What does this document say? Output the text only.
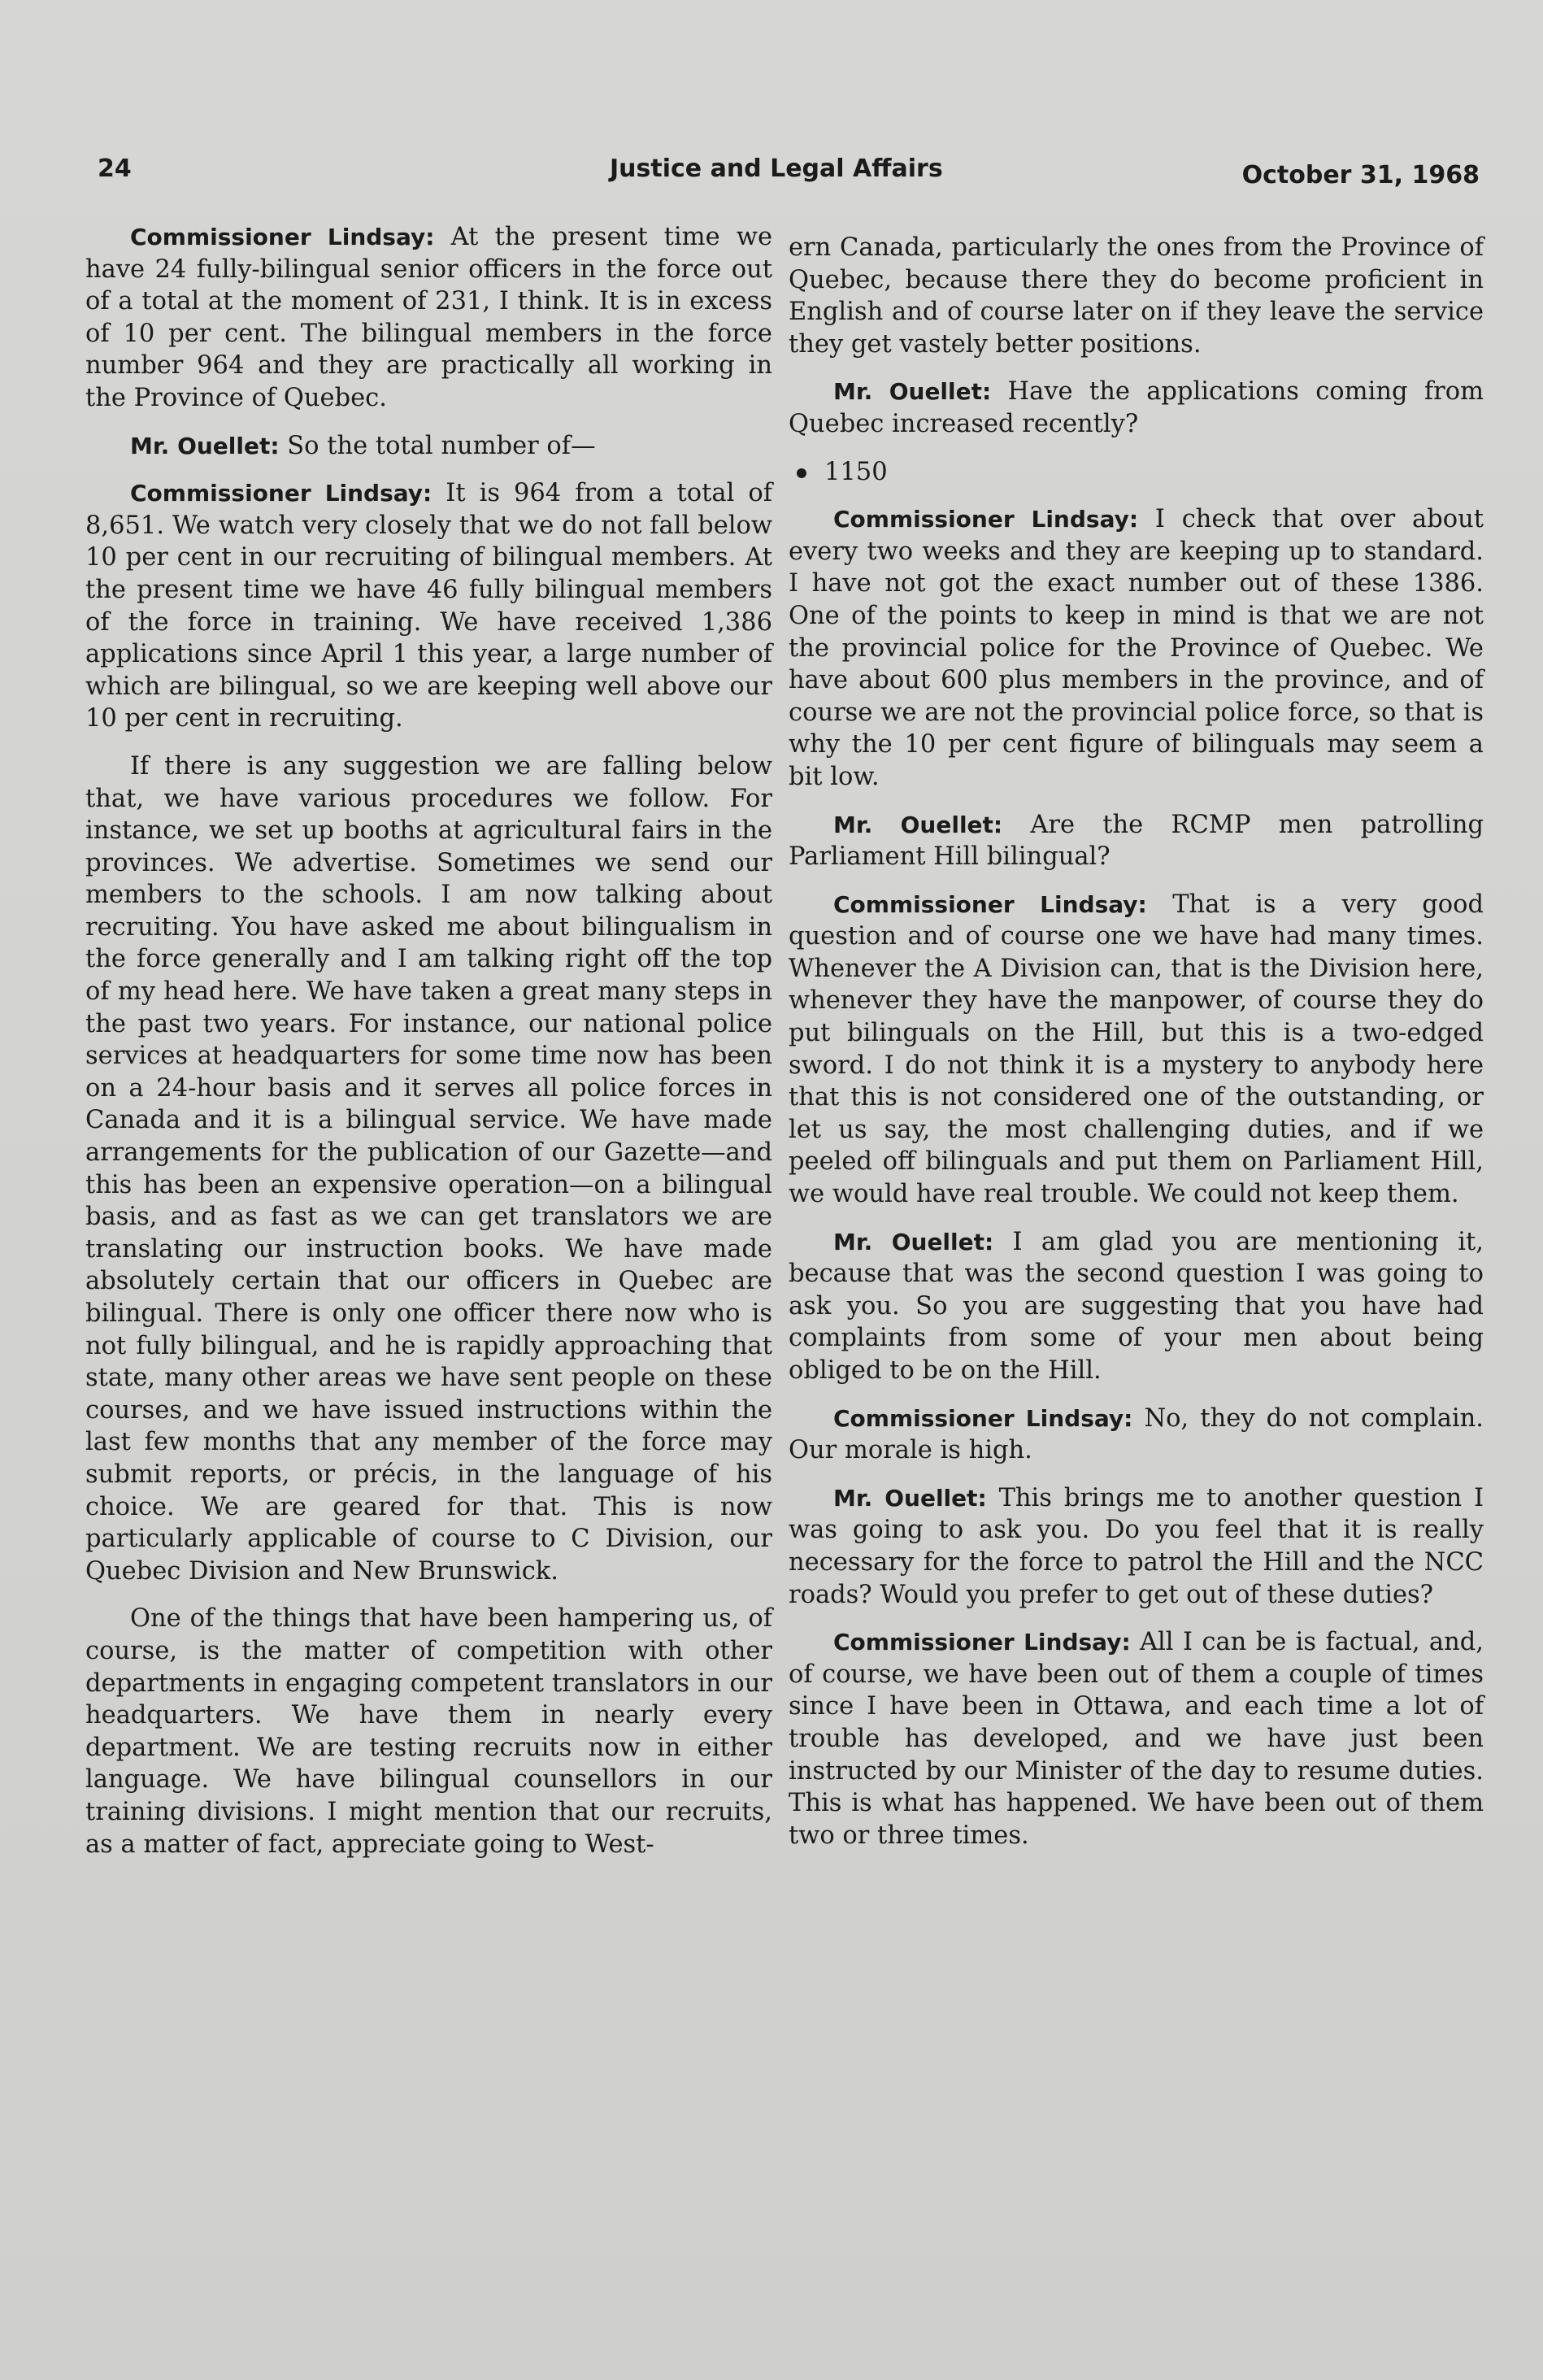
24	Justice and Legal Affairs	October 31, 1968

Commissioner Lindsay: At the present time we have 24 fully-bilingual senior officers in the force out of a total at the moment of 231, I think. It is in excess of 10 per cent. The bilingual members in the force number 964 and they are practically all working in the Province of Quebec.

Mr. Ouellet: So the total number of—

Commissioner Lindsay: It is 964 from a total of 8,651. We watch very closely that we do not fall below 10 per cent in our recruiting of bilingual members. At the present time we have 46 fully bilingual members of the force in training. We have received 1,386 applications since April 1 this year, a large number of which are bilingual, so we are keeping well above our 10 per cent in recruiting.

If there is any suggestion we are falling below that, we have various procedures we follow. For instance, we set up booths at agricultural fairs in the provinces. We advertise. Sometimes we send our members to the schools. I am now talking about recruiting. You have asked me about bilingualism in the force generally and I am talking right off the top of my head here. We have taken a great many steps in the past two years. For instance, our national police services at headquarters for some time now has been on a 24-hour basis and it serves all police forces in Canada and it is a bilingual service. We have made arrangements for the publication of our Gazette—and this has been an expensive operation—on a bilingual basis, and as fast as we can get translators we are translating our instruction books. We have made absolutely certain that our officers in Quebec are bilingual. There is only one officer there now who is not fully bilingual, and he is rapidly approaching that state, many other areas we have sent people on these courses, and we have issued instructions within the last few months that any member of the force may submit reports, or précis, in the language of his choice. We are geared for that. This is now particularly applicable of course to C Division, our Quebec Division and New Brunswick.

One of the things that have been hampering us, of course, is the matter of competition with other departments in engaging competent translators in our headquarters. We have them in nearly every department. We are testing recruits now in either language. We have bilingual counsellors in our training divisions. I might mention that our recruits, as a matter of fact, appreciate going to West-

ern Canada, particularly the ones from the Province of Quebec, because there they do become proficient in English and of course later on if they leave the service they get vastely better positions.

Mr. Ouellet: Have the applications coming from Quebec increased recently?

1150

Commissioner Lindsay: I check that over about every two weeks and they are keeping up to standard. I have not got the exact number out of these 1386. One of the points to keep in mind is that we are not the provincial police for the Province of Quebec. We have about 600 plus members in the province, and of course we are not the provincial police force, so that is why the 10 per cent figure of bilinguals may seem a bit low.

Mr. Ouellet: Are the RCMP men patrolling Parliament Hill bilingual?

Commissioner Lindsay: That is a very good question and of course one we have had many times. Whenever the A Division can, that is the Division here, whenever they have the manpower, of course they do put bilinguals on the Hill, but this is a two-edged sword. I do not think it is a mystery to anybody here that this is not considered one of the outstanding, or let us say, the most challenging duties, and if we peeled off bilinguals and put them on Parliament Hill, we would have real trouble. We could not keep them.

Mr. Ouellet: I am glad you are mentioning it, because that was the second question I was going to ask you. So you are suggesting that you have had complaints from some of your men about being obliged to be on the Hill.

Commissioner Lindsay: No, they do not complain. Our morale is high.

Mr. Ouellet: This brings me to another question I was going to ask you. Do you feel that it is really necessary for the force to patrol the Hill and the NCC roads? Would you prefer to get out of these duties?

Commissioner Lindsay: All I can be is factual, and, of course, we have been out of them a couple of times since I have been in Ottawa, and each time a lot of trouble has developed, and we have just been instructed by our Minister of the day to resume duties. This is what has happened. We have been out of them two or three times.
